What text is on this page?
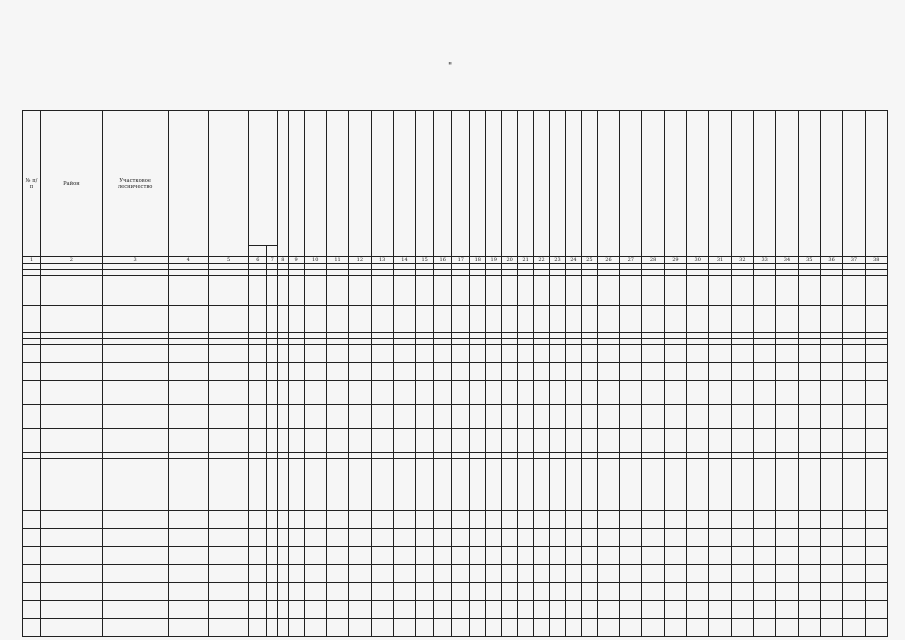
"
№ п/п	Район	Участковое лесничество																																			

1	2	3	4	5	6	7	8	9	10	11	12	13	14	15	16	17	18	19	20	21	22	23	24	25	26	27	28	29	30	31	32	33	34	35	36	37	38
